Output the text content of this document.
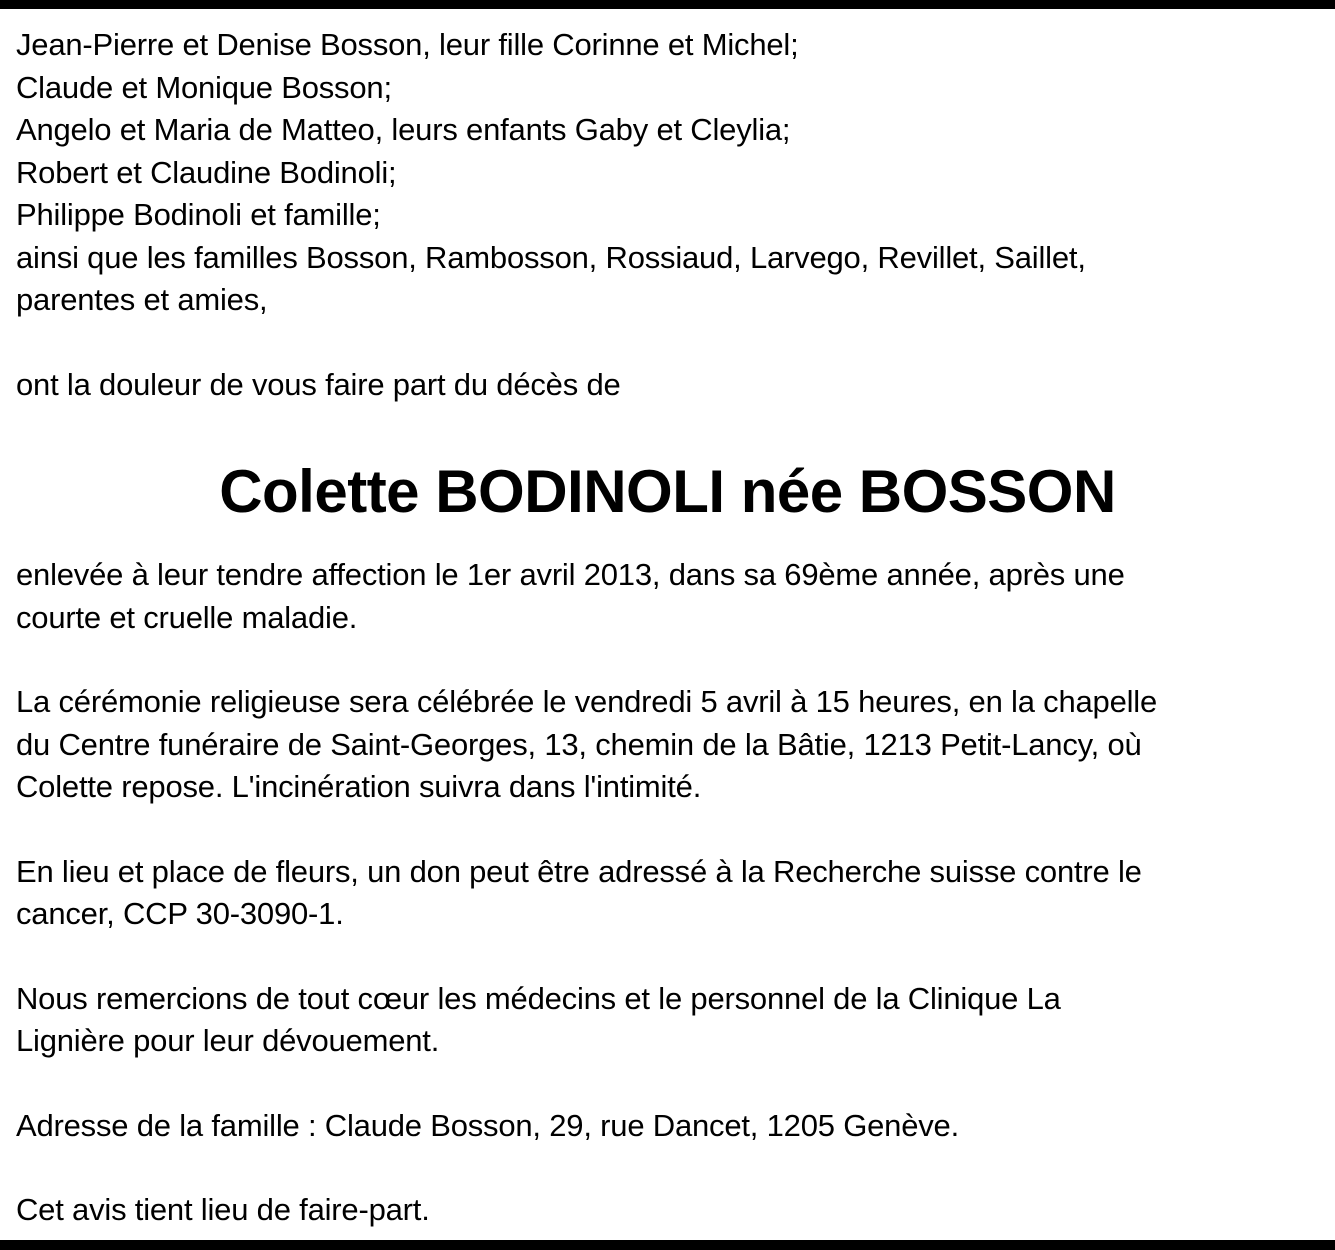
Jean-Pierre et Denise Bosson, leur fille Corinne et Michel;
Claude et Monique Bosson;
Angelo et Maria de Matteo, leurs enfants Gaby et Cleylia;
Robert et Claudine Bodinoli;
Philippe Bodinoli et famille;
ainsi que les familles Bosson, Rambosson, Rossiaud, Larvego, Revillet, Saillet,
parentes et amies,

ont la douleur de vous faire part du décès de

Colette BODINOLI née BOSSON

enlevée à leur tendre affection le 1er avril 2013, dans sa 69ème année, après une
courte et cruelle maladie.

La cérémonie religieuse sera célébrée le vendredi 5 avril à 15 heures, en la chapelle
du Centre funéraire de Saint-Georges, 13, chemin de la Bâtie, 1213 Petit-Lancy, où
Colette repose. L'incinération suivra dans l'intimité.

En lieu et place de fleurs, un don peut être adressé à la Recherche suisse contre le
cancer, CCP 30-3090-1.

Nous remercions de tout cœur les médecins et le personnel de la Clinique La
Lignière pour leur dévouement.

Adresse de la famille : Claude Bosson, 29, rue Dancet, 1205 Genève.

Cet avis tient lieu de faire-part.
